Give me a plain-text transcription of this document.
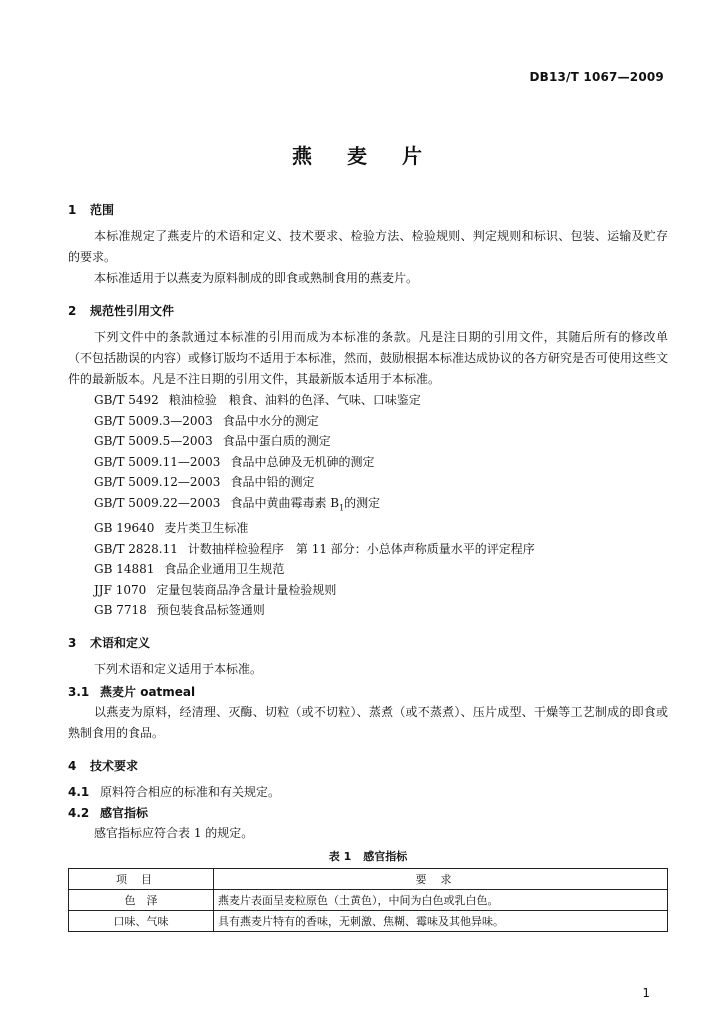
DB13/T 1067—2009
燕 麦 片
1 范围

本标准规定了燕麦片的术语和定义、技术要求、检验方法、检验规则、判定规则和标识、包装、运输及贮存的要求。

本标准适用于以燕麦为原料制成的即食或熟制食用的燕麦片。

2 规范性引用文件

下列文件中的条款通过本标准的引用而成为本标准的条款。凡是注日期的引用文件，其随后所有的修改单（不包括勘误的内容）或修订版均不适用于本标准，然而，鼓励根据本标准达成协议的各方研究是否可使用这些文件的最新版本。凡是不注日期的引用文件，其最新版本适用于本标准。

GB/T 5492 粮油检验　粮食、油料的色泽、气味、口味鉴定
GB/T 5009.3—2003 食品中水分的测定
GB/T 5009.5—2003 食品中蛋白质的测定
GB/T 5009.11—2003 食品中总砷及无机砷的测定
GB/T 5009.12—2003 食品中铅的测定
GB/T 5009.22—2003 食品中黄曲霉毒素 $B_1$的测定
GB 19640 麦片类卫生标准
GB/T 2828.11 计数抽样检验程序　第 11 部分：小总体声称质量水平的评定程序
GB 14881 食品企业通用卫生规范
JJF 1070 定量包装商品净含量计量检验规则
GB 7718 预包装食品标签通则
3 术语和定义

下列术语和定义适用于本标准。

3.1 燕麦片 oatmeal

以燕麦为原料，经清理、灭酶、切粒（或不切粒）、蒸煮（或不蒸煮）、压片成型、干燥等工艺制成的即食或熟制食用的食品。

4 技术要求

4.1 原料符合相应的标准和有关规定。

4.2 感官指标

感官指标应符合表 1 的规定。

表 1 感官指标
项目	要求
色　泽	燕麦片表面呈麦粒原色（土黄色），中间为白色或乳白色。
口味、气味	具有燕麦片特有的香味，无刺激、焦糊、霉味及其他异味。
1
